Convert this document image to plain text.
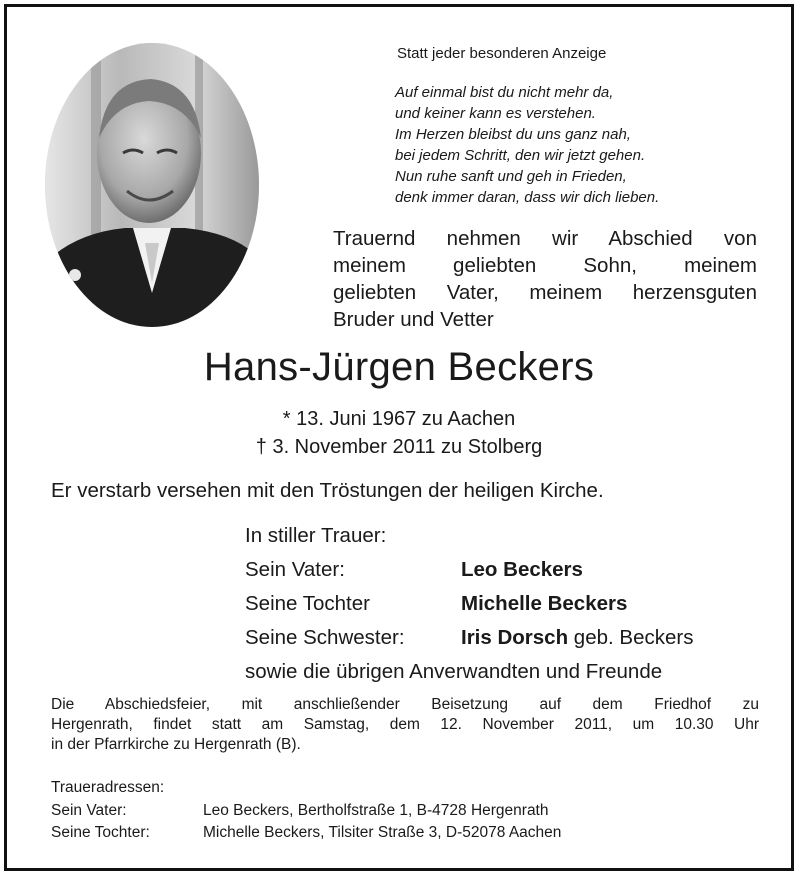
Statt jeder besonderen Anzeige
Auf einmal bist du nicht mehr da,
und keiner kann es verstehen.
Im Herzen bleibst du uns ganz nah,
bei jedem Schritt, den wir jetzt gehen.
Nun ruhe sanft und geh in Frieden,
denk immer daran, dass wir dich lieben.
Trauernd nehmen wir Abschied von
meinem geliebten Sohn, meinem
geliebten Vater, meinem herzensguten
Bruder und Vetter
Hans-Jürgen Beckers
* 13. Juni 1967 zu Aachen
† 3. November 2011 zu Stolberg
Er verstarb versehen mit den Tröstungen der heiligen Kirche.
In stiller Trauer:
Sein Vater:	Leo Beckers
Seine Tochter	Michelle Beckers
Seine Schwester:	Iris Dorsch geb. Beckers
sowie die übrigen Anverwandten und Freunde
Die Abschiedsfeier, mit anschließender Beisetzung auf dem Friedhof zu
Hergenrath, findet statt am Samstag, dem 12. November 2011, um 10.30 Uhr
in der Pfarrkirche zu Hergenrath (B).
Traueradressen:
Sein Vater:	Leo Beckers, Bertholfstraße 1, B-4728 Hergenrath
Seine Tochter:	Michelle Beckers, Tilsiter Straße 3, D-52078 Aachen
